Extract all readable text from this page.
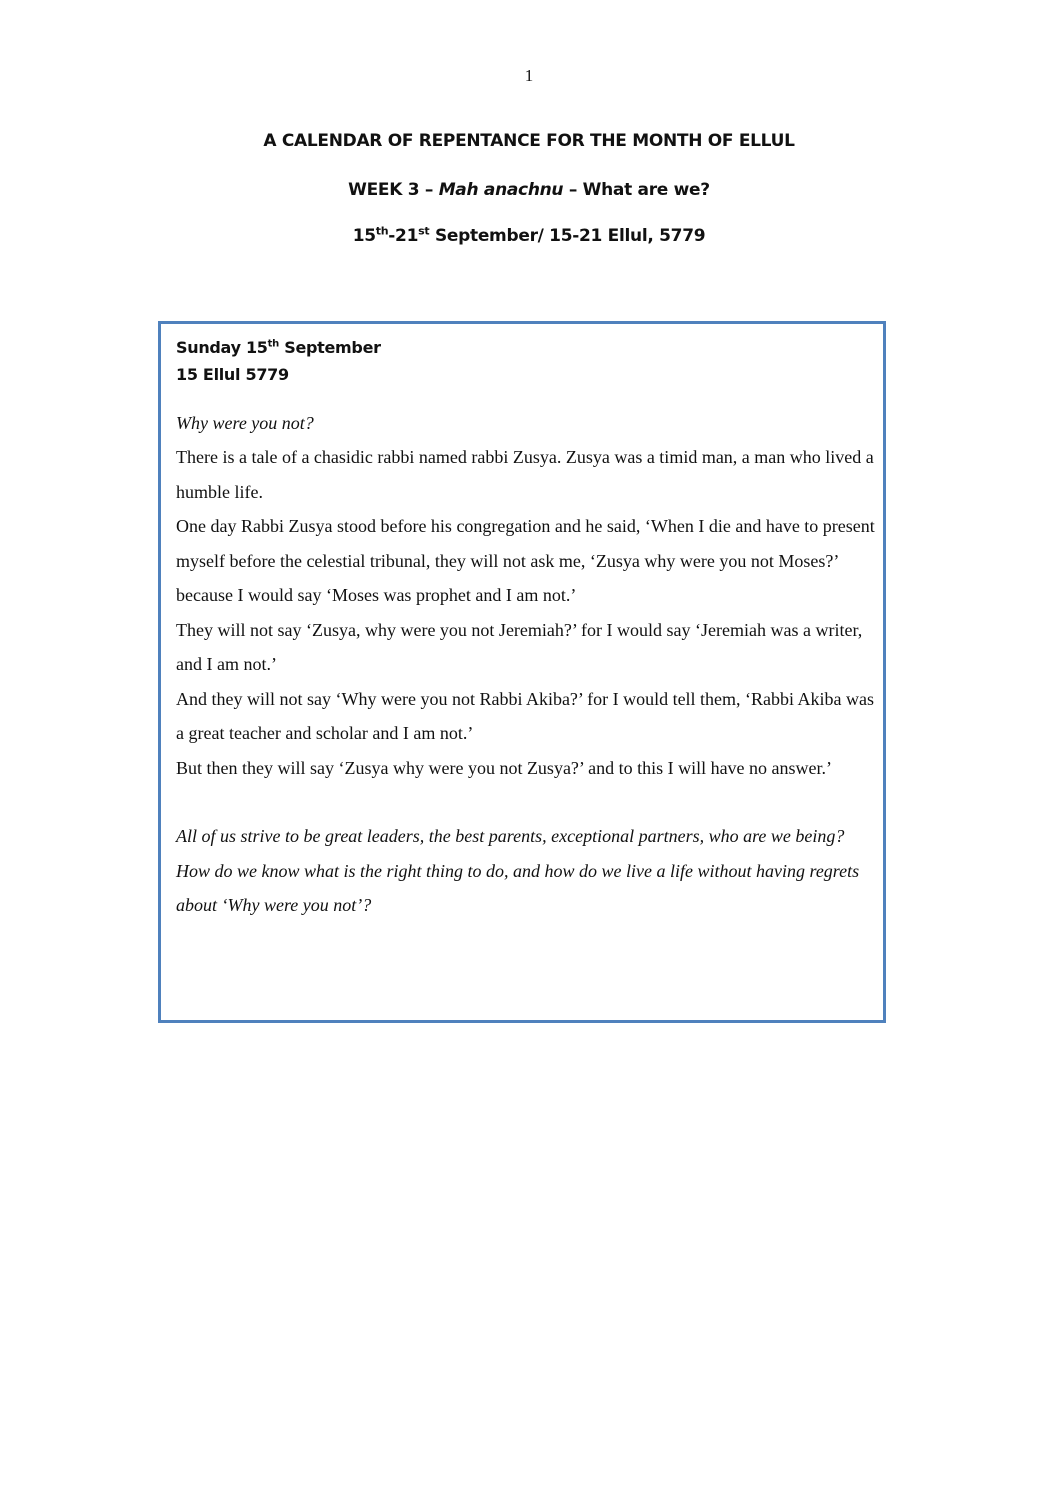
1
A CALENDAR OF REPENTANCE FOR THE MONTH OF ELLUL
WEEK 3 – Mah anachnu – What are we?
15th-21st September/ 15-21 Ellul, 5779
Sunday 15th September
15 Ellul 5779
Why were you not?
There is a tale of a chasidic rabbi named rabbi Zusya. Zusya was a timid man, a man who lived a humble life.
One day Rabbi Zusya stood before his congregation and he said, ‘When I die and have to present myself before the celestial tribunal, they will not ask me, ‘Zusya why were you not Moses?’ because I would say ‘Moses was prophet and I am not.’
They will not say ‘Zusya, why were you not Jeremiah?’ for I would say ‘Jeremiah was a writer, and I am not.’
And they will not say ‘Why were you not Rabbi Akiba?’ for I would tell them, ‘Rabbi Akiba was a great teacher and scholar and I am not.’
But then they will say ‘Zusya why were you not Zusya?’ and to this I will have no answer.’
All of us strive to be great leaders, the best parents, exceptional partners, who are we being?
How do we know what is the right thing to do, and how do we live a life without having regrets about ‘Why were you not’?
